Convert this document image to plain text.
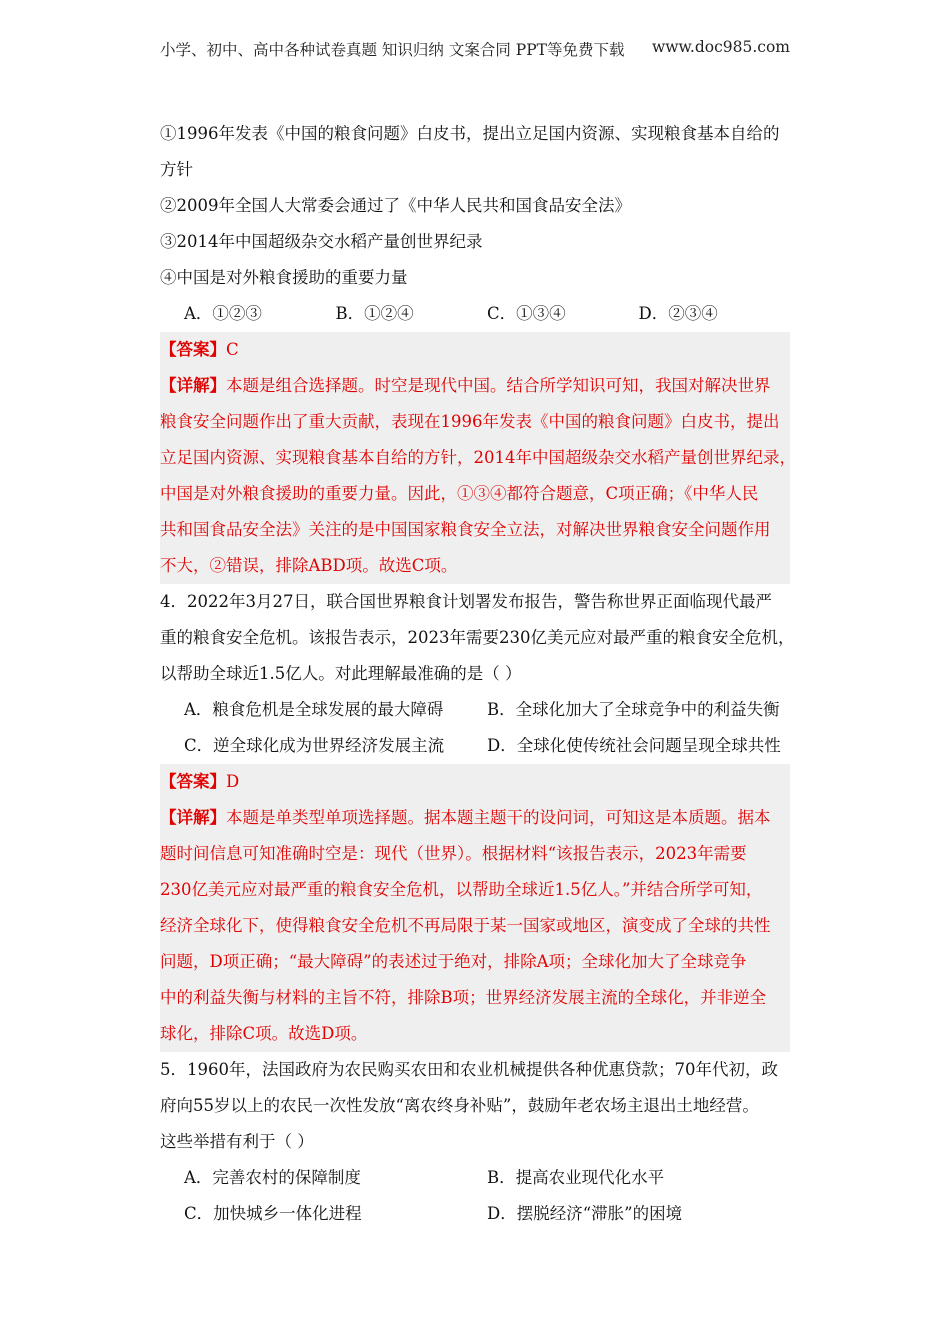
小学、初中、高中各种试卷真题 知识归纳 文案合同 PPT等免费下载 www.doc985.com
①1996年发表《中国的粮食问题》白皮书，提出立足国内资源、实现粮食基本自给的
方针
②2009年全国人大常委会通过了《中华人民共和国食品安全法》
③2014年中国超级杂交水稻产量创世界纪录
④中国是对外粮食援助的重要力量
A．①②③	B．①②④	C．①③④	D．②③④
【答案】C
【详解】本题是组合选择题。时空是现代中国。结合所学知识可知，我国对解决世界
粮食安全问题作出了重大贡献，表现在1996年发表《中国的粮食问题》白皮书，提出
立足国内资源、实现粮食基本自给的方针，2014年中国超级杂交水稻产量创世界纪录，
中国是对外粮食援助的重要力量。因此，①③④都符合题意，C项正确；《中华人民
共和国食品安全法》关注的是中国国家粮食安全立法，对解决世界粮食安全问题作用
不大，②错误，排除ABD项。故选C项。
4．2022年3月27日，联合国世界粮食计划署发布报告，警告称世界正面临现代最严
重的粮食安全危机。该报告表示，2023年需要230亿美元应对最严重的粮食安全危机，
以帮助全球近1.5亿人。对此理解最准确的是（ ）
A．粮食危机是全球发展的最大障碍	B．全球化加大了全球竞争中的利益失衡
C．逆全球化成为世界经济发展主流	D．全球化使传统社会问题呈现全球共性
【答案】D
【详解】本题是单类型单项选择题。据本题主题干的设问词，可知这是本质题。据本
题时间信息可知准确时空是：现代（世界）。根据材料“该报告表示，2023年需要
230亿美元应对最严重的粮食安全危机，以帮助全球近1.5亿人。”并结合所学可知，
经济全球化下，使得粮食安全危机不再局限于某一国家或地区，演变成了全球的共性
问题，D项正确；“最大障碍”的表述过于绝对，排除A项；全球化加大了全球竞争
中的利益失衡与材料的主旨不符，排除B项；世界经济发展主流的全球化，并非逆全
球化，排除C项。故选D项。
5．1960年，法国政府为农民购买农田和农业机械提供各种优惠贷款；70年代初，政
府向55岁以上的农民一次性发放“离农终身补贴”，鼓励年老农场主退出土地经营。
这些举措有利于（ ）
A．完善农村的保障制度	B．提高农业现代化水平
C．加快城乡一体化进程	D．摆脱经济“滞胀”的困境
